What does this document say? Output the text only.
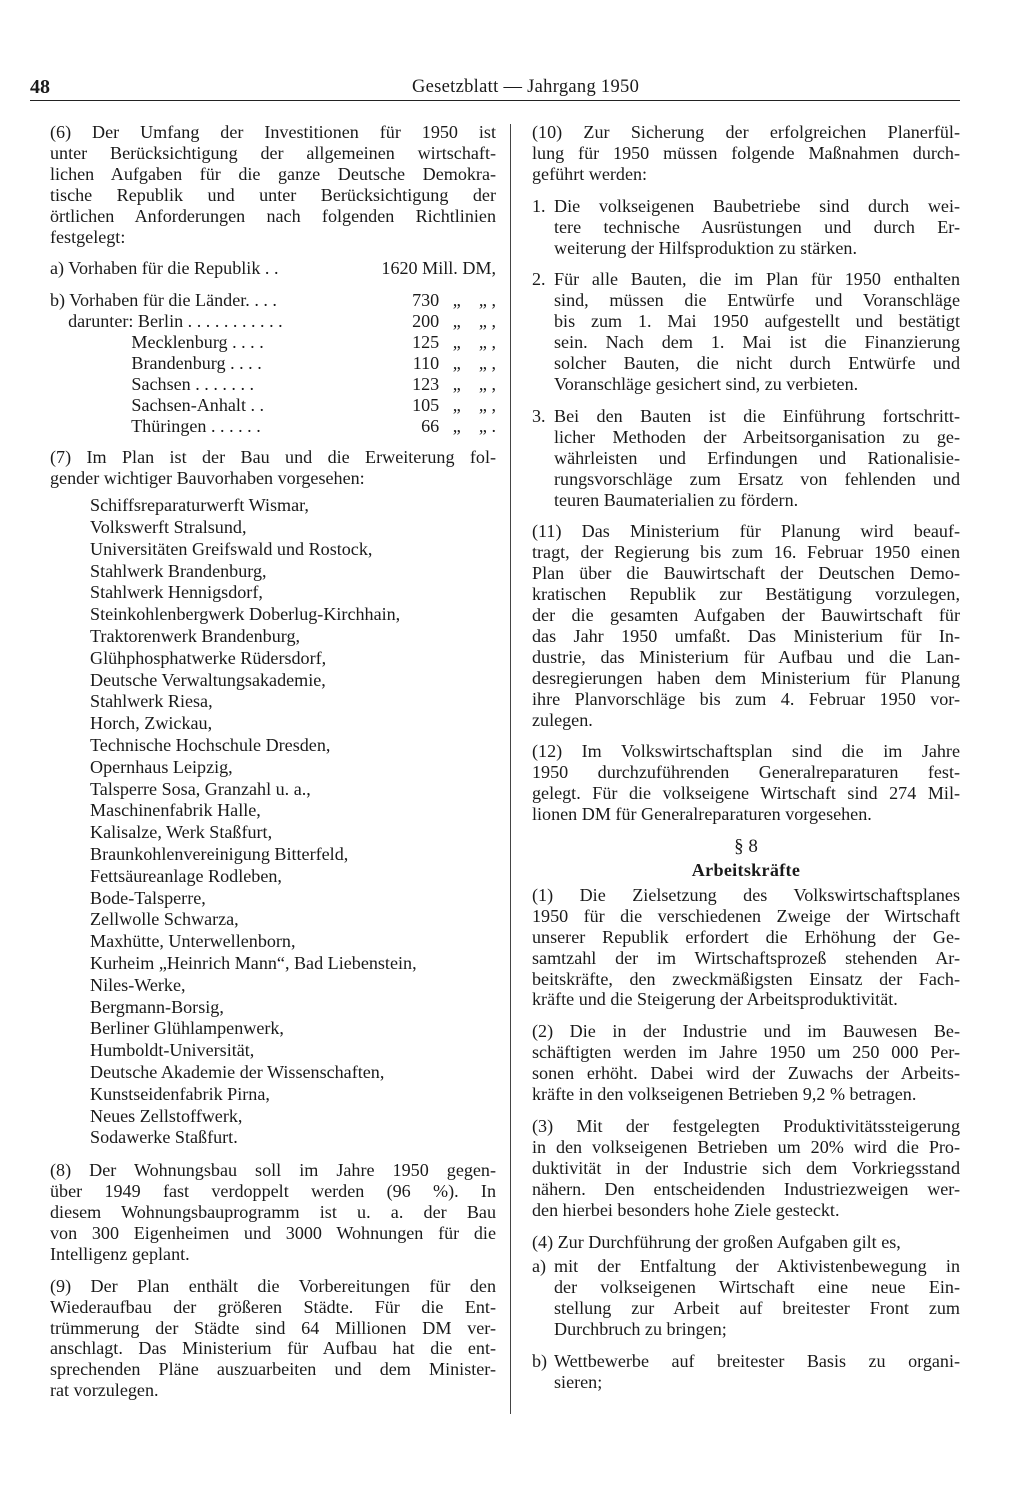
48	Gesetzblatt — Jahrgang 1950
(6) Der Umfang der Investitionen für 1950 ist
unter Berücksichtigung der allgemeinen wirtschaft-
lichen Aufgaben für die ganze Deutsche Demokra-
tische Republik und unter Berücksichtigung der
örtlichen Anforderungen nach folgenden Richtlinien
festgelegt:
a) Vorhaben für die Republik . .	1620 Mill. DM,
b) Vorhaben für die Länder. . . .	730   „    „ ,
darunter: Berlin . . . . . . . . . . .	200   „    „ ,
Mecklenburg . . . .	125   „    „ ,
Brandenburg . . . .	110   „    „ ,
Sachsen . . . . . . .	123   „    „ ,
Sachsen-Anhalt . .	105   „    „ ,
Thüringen . . . . . .	66   „    „ .
(7) Im Plan ist der Bau und die Erweiterung fol-
gender wichtiger Bauvorhaben vorgesehen:
Schiffsreparaturwerft Wismar,
Volkswerft Stralsund,
Universitäten Greifswald und Rostock,
Stahlwerk Brandenburg,
Stahlwerk Hennigsdorf,
Steinkohlenbergwerk Doberlug-Kirchhain,
Traktorenwerk Brandenburg,
Glühphosphatwerke Rüdersdorf,
Deutsche Verwaltungsakademie,
Stahlwerk Riesa,
Horch, Zwickau,
Technische Hochschule Dresden,
Opernhaus Leipzig,
Talsperre Sosa, Granzahl u. a.,
Maschinenfabrik Halle,
Kalisalze, Werk Staßfurt,
Braunkohlenvereinigung Bitterfeld,
Fettsäureanlage Rodleben,
Bode-Talsperre,
Zellwolle Schwarza,
Maxhütte, Unterwellenborn,
Kurheim „Heinrich Mann“, Bad Liebenstein,
Niles-Werke,
Bergmann-Borsig,
Berliner Glühlampenwerk,
Humboldt-Universität,
Deutsche Akademie der Wissenschaften,
Kunstseidenfabrik Pirna,
Neues Zellstoffwerk,
Sodawerke Staßfurt.
(8) Der Wohnungsbau soll im Jahre 1950 gegen-
über 1949 fast verdoppelt werden (96 %). In
diesem Wohnungsbauprogramm ist u. a. der Bau
von 300 Eigenheimen und 3000 Wohnungen für die
Intelligenz geplant.
(9) Der Plan enthält die Vorbereitungen für den
Wiederaufbau der größeren Städte. Für die Ent-
trümmerung der Städte sind 64 Millionen DM ver-
anschlagt. Das Ministerium für Aufbau hat die ent-
sprechenden Pläne auszuarbeiten und dem Minister-
rat vorzulegen.
(10) Zur Sicherung der erfolgreichen Planerfül-
lung für 1950 müssen folgende Maßnahmen durch-
geführt werden:
1. Die volkseigenen Baubetriebe sind durch wei-
tere technische Ausrüstungen und durch Er-
weiterung der Hilfsproduktion zu stärken.
2. Für alle Bauten, die im Plan für 1950 enthalten
sind, müssen die Entwürfe und Voranschläge
bis zum 1. Mai 1950 aufgestellt und bestätigt
sein. Nach dem 1. Mai ist die Finanzierung
solcher Bauten, die nicht durch Entwürfe und
Voranschläge gesichert sind, zu verbieten.
3. Bei den Bauten ist die Einführung fortschritt-
licher Methoden der Arbeitsorganisation zu ge-
währleisten und Erfindungen und Rationalisie-
rungsvorschläge zum Ersatz von fehlenden und
teuren Baumaterialien zu fördern.
(11) Das Ministerium für Planung wird beauf-
tragt, der Regierung bis zum 16. Februar 1950 einen
Plan über die Bauwirtschaft der Deutschen Demo-
kratischen Republik zur Bestätigung vorzulegen,
der die gesamten Aufgaben der Bauwirtschaft für
das Jahr 1950 umfaßt. Das Ministerium für In-
dustrie, das Ministerium für Aufbau und die Lan-
desregierungen haben dem Ministerium für Planung
ihre Planvorschläge bis zum 4. Februar 1950 vor-
zulegen.
(12) Im Volkswirtschaftsplan sind die im Jahre
1950 durchzuführenden Generalreparaturen fest-
gelegt. Für die volkseigene Wirtschaft sind 274 Mil-
lionen DM für Generalreparaturen vorgesehen.
§ 8
Arbeitskräfte
(1) Die Zielsetzung des Volkswirtschaftsplanes
1950 für die verschiedenen Zweige der Wirtschaft
unserer Republik erfordert die Erhöhung der Ge-
samtzahl der im Wirtschaftsprozeß stehenden Ar-
beitskräfte, den zweckmäßigsten Einsatz der Fach-
kräfte und die Steigerung der Arbeitsproduktivität.
(2) Die in der Industrie und im Bauwesen Be-
schäftigten werden im Jahre 1950 um 250 000 Per-
sonen erhöht. Dabei wird der Zuwachs der Arbeits-
kräfte in den volkseigenen Betrieben 9,2 % betragen.
(3) Mit der festgelegten Produktivitätssteigerung
in den volkseigenen Betrieben um 20% wird die Pro-
duktivität in der Industrie sich dem Vorkriegsstand
nähern. Den entscheidenden Industriezweigen wer-
den hierbei besonders hohe Ziele gesteckt.
(4) Zur Durchführung der großen Aufgaben gilt es,
a) mit der Entfaltung der Aktivistenbewegung in
der volkseigenen Wirtschaft eine neue Ein-
stellung zur Arbeit auf breitester Front zum
Durchbruch zu bringen;
b) Wettbewerbe auf breitester Basis zu organi-
sieren;
